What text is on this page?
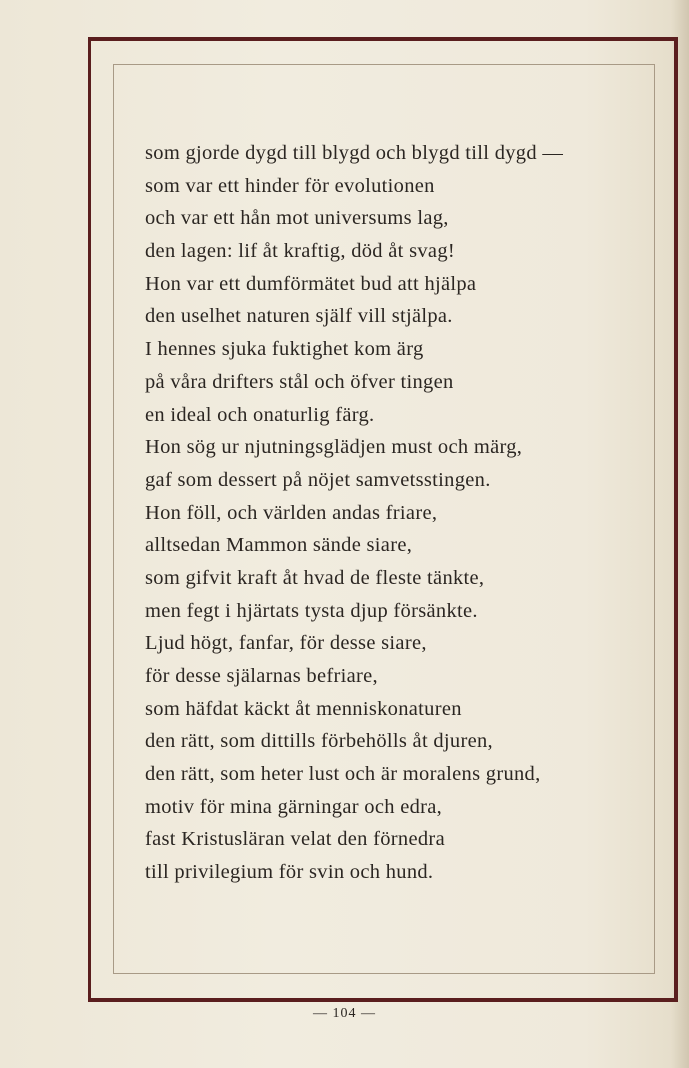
som gjorde dygd till blygd och blygd till dygd —
som var ett hinder för evolutionen
och var ett hån mot universums lag,
den lagen: lif åt kraftig, död åt svag!
Hon var ett dumförmätet bud att hjälpa
den uselhet naturen själf vill stjälpa.
I hennes sjuka fuktighet kom ärg
på våra drifters stål och öfver tingen
en ideal och onaturlig färg.
Hon sög ur njutningsglädjen must och märg,
gaf som dessert på nöjet samvetsstingen.
Hon föll, och världen andas friare,
alltsedan Mammon sände siare,
som gifvit kraft åt hvad de fleste tänkte,
men fegt i hjärtats tysta djup försänkte.
Ljud högt, fanfar, för desse siare,
för desse själarnas befriare,
som häfdat käckt åt menniskonaturen
den rätt, som dittills förbehölls åt djuren,
den rätt, som heter lust och är moralens grund,
motiv för mina gärningar och edra,
fast Kristusläran velat den förnedra
till privilegium för svin och hund.
— 104 —
